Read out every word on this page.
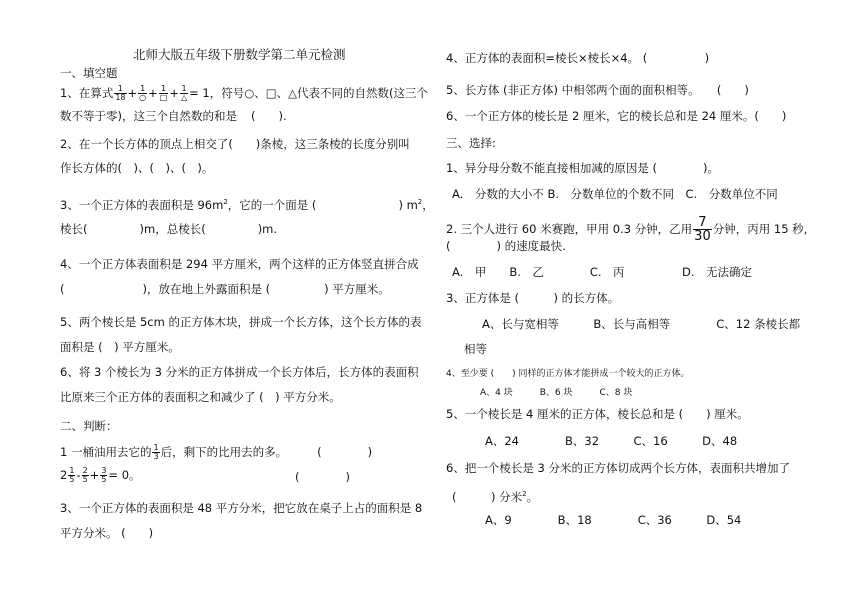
北师大版五年级下册数学第二单元检测
一、填空题
1、在算式 $\frac{1}{18} + \frac{1}{○} + \frac{1}{□} + \frac{1}{\triangle} = 1$，符号○、□、△代表不同的自然数(这三个
数不等于零)，这三个自然数的和是 (　　).
2、在一个长方体的顶点上相交了(　　)条棱，这三条棱的长度分别叫
作长方体的(　)、(　)、(　)。
3、一个正方体的表面积是 $96m^2$，它的一个面是 (	) $m^2$，
棱长(	)m，总棱长(	)m.
4、一个正方体表面积是 294 平方厘米，两个这样的正方体竖直拼合成
(	)，放在地上外露面积是 (	) 平方厘米。
5、两个棱长是 5cm 的正方体木块，拼成一个长方体，这个长方体的表
面积是 (　) 平方厘米。
6、将 3 个棱长为 3 分米的正方体拼成一个长方体后，长方体的表面积
比原来三个正方体的表面积之和减少了 (　) 平方分米。
二、判断：
1 一桶油用去它的 $\frac{1}{3}$ 后，剩下的比用去的多。	(　　　　)
$2 \frac{1}{5} - \frac{2}{5} + \frac{3}{5} = 0$。	(　　　　)
3、一个正方体的表面积是 48 平方分米，把它放在桌子上占的面积是 8
平方分米。 (　　)
4、正方体的表面积=棱长×棱长×4。 (　　　　　)
5、长方体 (非正方体) 中相邻两个面的面积相等。　　(　　)
6、一个正方体的棱长是 2 厘米，它的棱长总和是 24 厘米。(　　)
三、选择:
1、异分母分数不能直接相加减的原因是 (　　　　)。
A.　分数的大小不 B.　分数单位的个数不同　C.　分数单位不同
2. 三个人进行 60 米赛跑，甲用 0.3 分钟，乙用 $\frac{7}{30}$ 分钟，丙用 15 秒,
(　　　　) 的速度最快.
A.　甲　　B.　乙　　　　C.　丙　　　　　D.　无法确定
3、正方体是 (　　　) 的长方体。
A、长与宽相等　　　B、长与高相等　　　　C、12 条棱长都
相等
4、至少要 (　　) 同样的正方体才能拼成一个较大的正方体。
A、4 块　　　B、6 块　　　C、8 块
5、一个棱长是 4 厘米的正方体，棱长总和是 (　　) 厘米。
A、24　　　　B、32　　　C、16　　　D、48
6、把一个棱长是 3 分米的正方体切成两个长方体，表面积共增加了
(　　　) 分米$^2$。
A、9　　　　B、18　　　　C、36　　　D、54
